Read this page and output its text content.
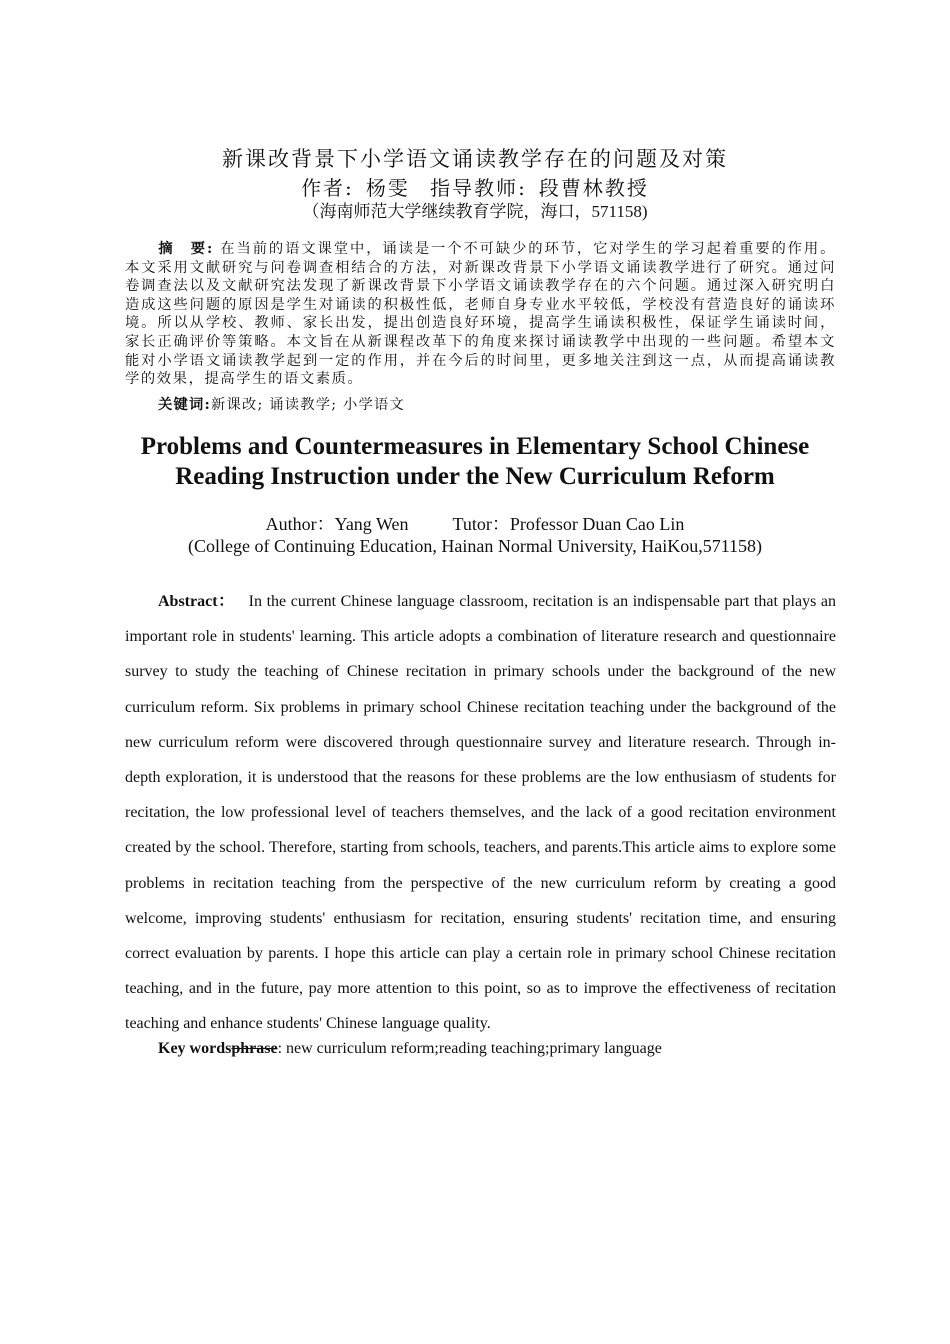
新课改背景下小学语文诵读教学存在的问题及对策
作者: 杨雯 指导教师: 段曹林教授
（海南师范大学继续教育学院，海口，571158)
摘　要: 在当前的语文课堂中，诵读是一个不可缺少的环节，它对学生的学习起着重要的作用。本文采用文献研究与问卷调查相结合的方法，对新课改背景下小学语文诵读教学进行了研究。通过问卷调查法以及文献研究法发现了新课改背景下小学语文诵读教学存在的六个问题。通过深入研究明白造成这些问题的原因是学生对诵读的积极性低，老师自身专业水平较低，学校没有营造良好的诵读环境。所以从学校、教师、家长出发，提出创造良好环境，提高学生诵读积极性，保证学生诵读时间，家长正确评价等策略。本文旨在从新课程改革下的角度来探讨诵读教学中出现的一些问题。希望本文能对小学语文诵读教学起到一定的作用，并在今后的时间里，更多地关注到这一点，从而提高诵读教学的效果，提高学生的语文素质。
关键词:新课改; 诵读教学; 小学语文
Problems and Countermeasures in Elementary School Chinese
Reading Instruction under the New Curriculum Reform
Author：Yang Wen Tutor：Professor Duan Cao Lin
(College of Continuing Education, Hainan Normal University, HaiKou,571158)
Abstract： In the current Chinese language classroom, recitation is an indispensable part that plays an important role in students' learning. This article adopts a combination of literature research and questionnaire survey to study the teaching of Chinese recitation in primary schools under the background of the new curriculum reform. Six problems in primary school Chinese recitation teaching under the background of the new curriculum reform were discovered through questionnaire survey and literature research. Through in-depth exploration, it is understood that the reasons for these problems are the low enthusiasm of students for recitation, the low professional level of teachers themselves, and the lack of a good recitation environment created by the school. Therefore, starting from schools, teachers, and parents.This article aims to explore some problems in recitation teaching from the perspective of the new curriculum reform by creating a good welcome, improving students' enthusiasm for recitation, ensuring students' recitation time, and ensuring correct evaluation by parents. I hope this article can play a certain role in primary school Chinese recitation teaching, and in the future, pay more attention to this point, so as to improve the effectiveness of recitation teaching and enhance students' Chinese language quality.
Key wordsphrase: new curriculum reform;reading teaching;primary language
